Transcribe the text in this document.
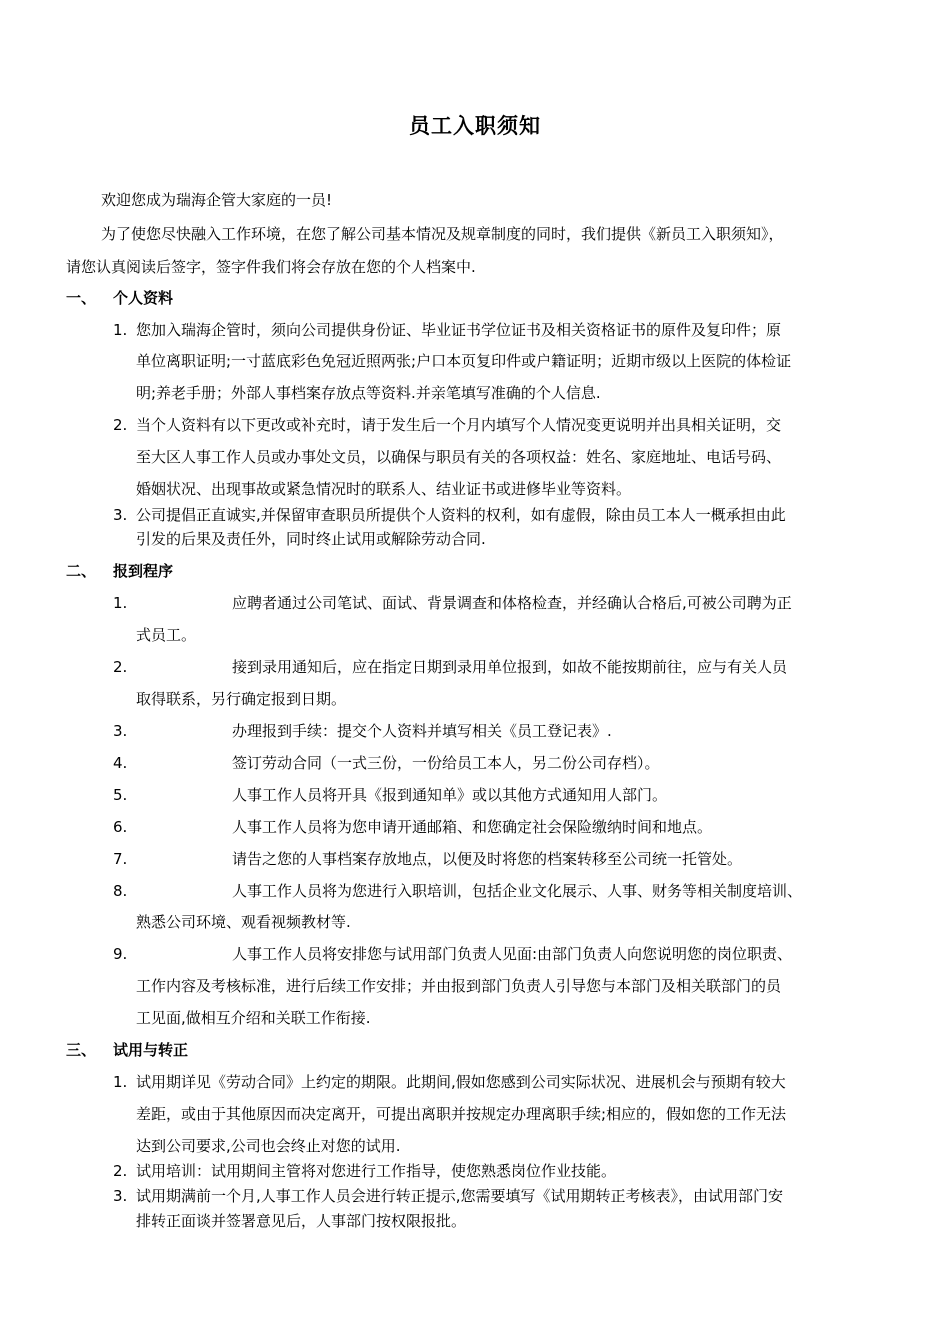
员工入职须知
欢迎您成为瑞海企管大家庭的一员!
为了使您尽快融入工作环境，在您了解公司基本情况及规章制度的同时，我们提供《新员工入职须知》，
请您认真阅读后签字，签字件我们将会存放在您的个人档案中.
一、 个人资料
1. 您加入瑞海企管时，须向公司提供身份证、毕业证书学位证书及相关资格证书的原件及复印件；原
单位离职证明;一寸蓝底彩色免冠近照两张;户口本页复印件或户籍证明；近期市级以上医院的体检证
明;养老手册；外部人事档案存放点等资料.并亲笔填写准确的个人信息.
2. 当个人资料有以下更改或补充时，请于发生后一个月内填写个人情况变更说明并出具相关证明，交
至大区人事工作人员或办事处文员，以确保与职员有关的各项权益：姓名、家庭地址、电话号码、
婚姻状况、出现事故或紧急情况时的联系人、结业证书或进修毕业等资料。
3. 公司提倡正直诚实,并保留审查职员所提供个人资料的权利，如有虚假，除由员工本人一概承担由此
引发的后果及责任外，同时终止试用或解除劳动合同.
二、 报到程序
1.	应聘者通过公司笔试、面试、背景调查和体格检查，并经确认合格后,可被公司聘为正
式员工。
2.	接到录用通知后，应在指定日期到录用单位报到，如故不能按期前往，应与有关人员
取得联系，另行确定报到日期。
3.	办理报到手续：提交个人资料并填写相关《员工登记表》.
4.	签订劳动合同（一式三份，一份给员工本人，另二份公司存档）。
5.	人事工作人员将开具《报到通知单》或以其他方式通知用人部门。
6.	人事工作人员将为您申请开通邮箱、和您确定社会保险缴纳时间和地点。
7.	请告之您的人事档案存放地点，以便及时将您的档案转移至公司统一托管处。
8.	人事工作人员将为您进行入职培训，包括企业文化展示、人事、财务等相关制度培训、
熟悉公司环境、观看视频教材等.
9.	人事工作人员将安排您与试用部门负责人见面:由部门负责人向您说明您的岗位职责、
工作内容及考核标准，进行后续工作安排；并由报到部门负责人引导您与本部门及相关联部门的员
工见面,做相互介绍和关联工作衔接.
三、 试用与转正
1. 试用期详见《劳动合同》上约定的期限。此期间,假如您感到公司实际状况、进展机会与预期有较大
差距，或由于其他原因而决定离开，可提出离职并按规定办理离职手续;相应的，假如您的工作无法
达到公司要求,公司也会终止对您的试用.
2. 试用培训：试用期间主管将对您进行工作指导，使您熟悉岗位作业技能。
3. 试用期满前一个月,人事工作人员会进行转正提示,您需要填写《试用期转正考核表》，由试用部门安
排转正面谈并签署意见后，人事部门按权限报批。
